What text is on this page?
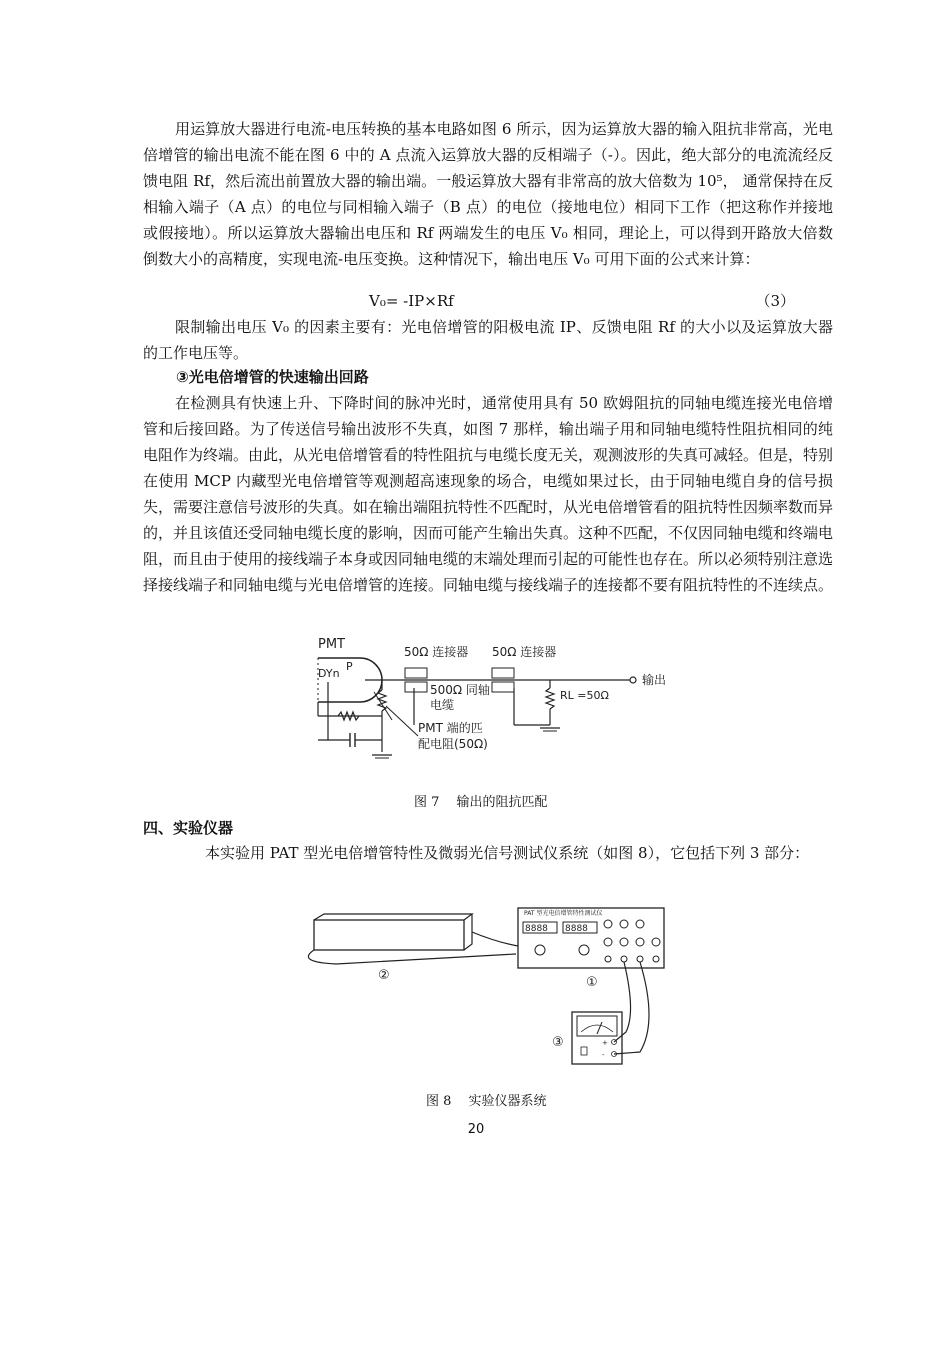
用运算放大器进行电流-电压转换的基本电路如图 6 所示，因为运算放大器的输入阻抗非常高，光电倍增管的输出电流不能在图 6 中的 A 点流入运算放大器的反相端子（-）。因此，绝大部分的电流流经反馈电阻 Rf，然后流出前置放大器的输出端。一般运算放大器有非常高的放大倍数为 10⁵， 通常保持在反相输入端子（A 点）的电位与同相输入端子（B 点）的电位（接地电位）相同下工作（把这称作并接地或假接地）。所以运算放大器输出电压和 Rf 两端发生的电压 V₀ 相同，理论上，可以得到开路放大倍数倒数大小的高精度，实现电流-电压变换。这种情况下，输出电压 V₀ 可用下面的公式来计算：

V₀= -IP×Rf	（3）

限制输出电压 V₀ 的因素主要有：光电倍增管的阳极电流 IP、反馈电阻 Rf 的大小以及运算放大器的工作电压等。

③光电倍增管的快速输出回路

在检测具有快速上升、下降时间的脉冲光时，通常使用具有 50 欧姆阻抗的同轴电缆连接光电倍增管和后接回路。为了传送信号输出波形不失真，如图 7 那样，输出端子用和同轴电缆特性阻抗相同的纯电阻作为终端。由此，从光电倍增管看的特性阻抗与电缆长度无关，观测波形的失真可减轻。但是，特别在使用 MCP 内藏型光电倍增管等观测超高速现象的场合，电缆如果过长，由于同轴电缆自身的信号损失，需要注意信号波形的失真。如在输出端阻抗特性不匹配时，从光电倍增管看的阻抗特性因频率数而异的，并且该值还受同轴电缆长度的影响，因而可能产生输出失真。这种不匹配，不仅因同轴电缆和终端电阻，而且由于使用的接线端子本身或因同轴电缆的末端处理而引起的可能性也存在。所以必须特别注意选择接线端子和同轴电缆与光电倍增管的连接。同轴电缆与接线端子的连接都不要有阻抗特性的不连续点。

PMT
DYn
P
输出
50Ω 连接器 50Ω 连接器
500Ω 同轴
电缆
RL =50Ω
PMT 端的匹
配电阻(50Ω)
图 7　 输出的阻抗匹配
四、实验仪器

本实验用 PAT 型光电倍增管特性及微弱光信号测试仪系统（如图 8），它包括下列 3 部分：

②
PAT 型光电倍增管特性测试仪
8888 8888
①
+
-
③
图 8　 实验仪器系统
20
